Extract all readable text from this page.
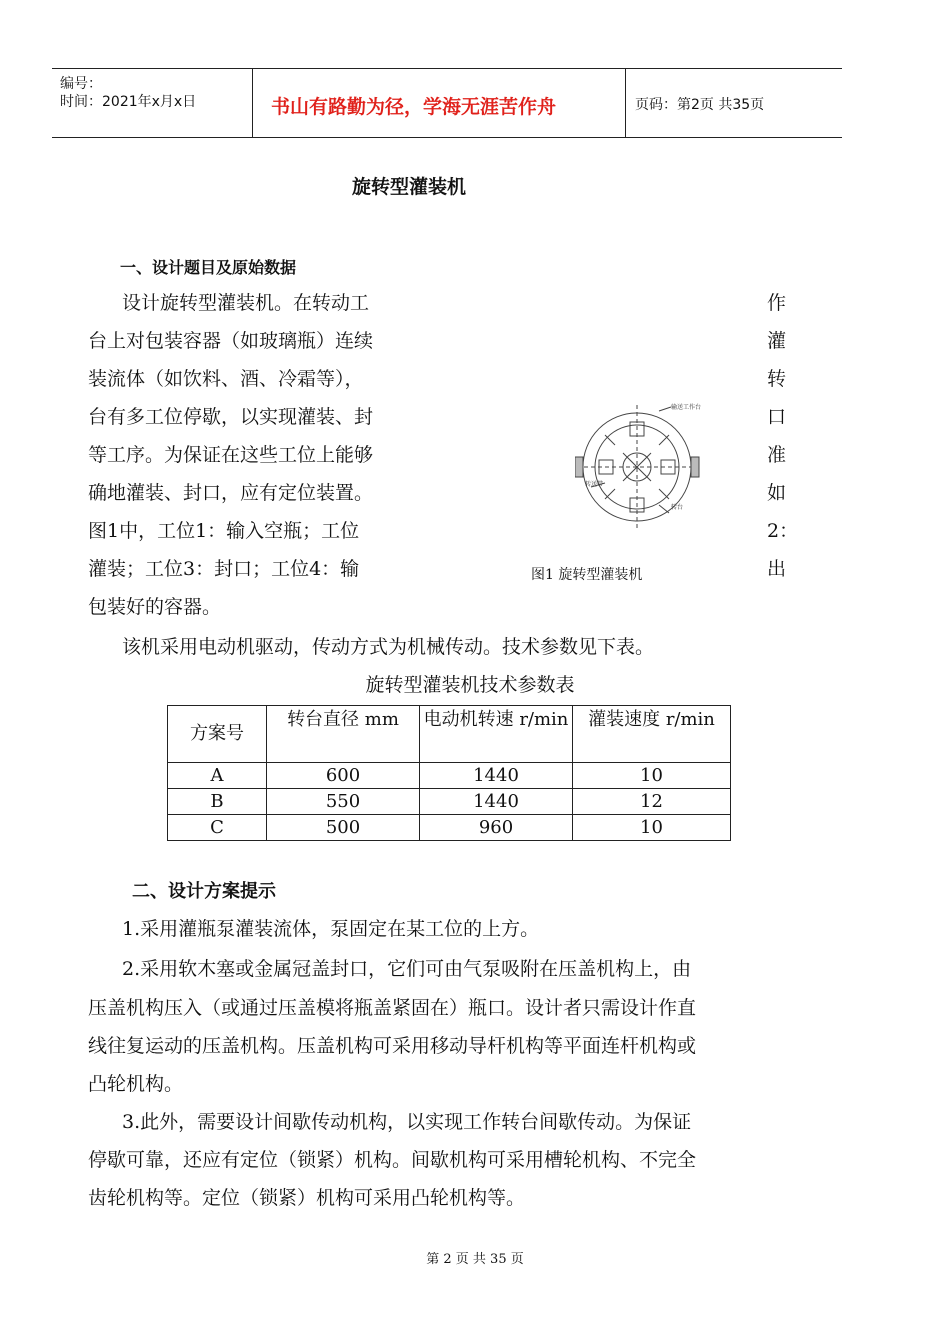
编号：
时间：2021年x月x日	书山有路勤为径，学海无涯苦作舟	页码：第2页 共35页
旋转型灌装机
一、设计题目及原始数据
设计旋转型灌装机。在转动工
台上对包装容器（如玻璃瓶）连续
装流体（如饮料、酒、冷霜等），
台有多工位停歇，以实现灌装、封
等工序。为保证在这些工位上能够
确地灌装、封口，应有定位装置。
图1中，工位1：输入空瓶；工位
灌装；工位3：封口；工位4：输
包装好的容器。
作
灌
转
口
准
如
2：
出
输送工作台
转送带
转台
图1 旋转型灌装机
该机采用电动机驱动，传动方式为机械传动。技术参数见下表。
旋转型灌装机技术参数表
方案号	转台直径 mm	电动机转速 r/min	灌装速度 r/min
A	600	1440	10
B	550	1440	12
C	500	960	10
二、设计方案提示
1.采用灌瓶泵灌装流体，泵固定在某工位的上方。
2.采用软木塞或金属冠盖封口，它们可由气泵吸附在压盖机构上，由
压盖机构压入（或通过压盖模将瓶盖紧固在）瓶口。设计者只需设计作直
线往复运动的压盖机构。压盖机构可采用移动导杆机构等平面连杆机构或
凸轮机构。
3.此外，需要设计间歇传动机构，以实现工作转台间歇传动。为保证
停歇可靠，还应有定位（锁紧）机构。间歇机构可采用槽轮机构、不完全
齿轮机构等。定位（锁紧）机构可采用凸轮机构等。
第 2 页 共 35 页
